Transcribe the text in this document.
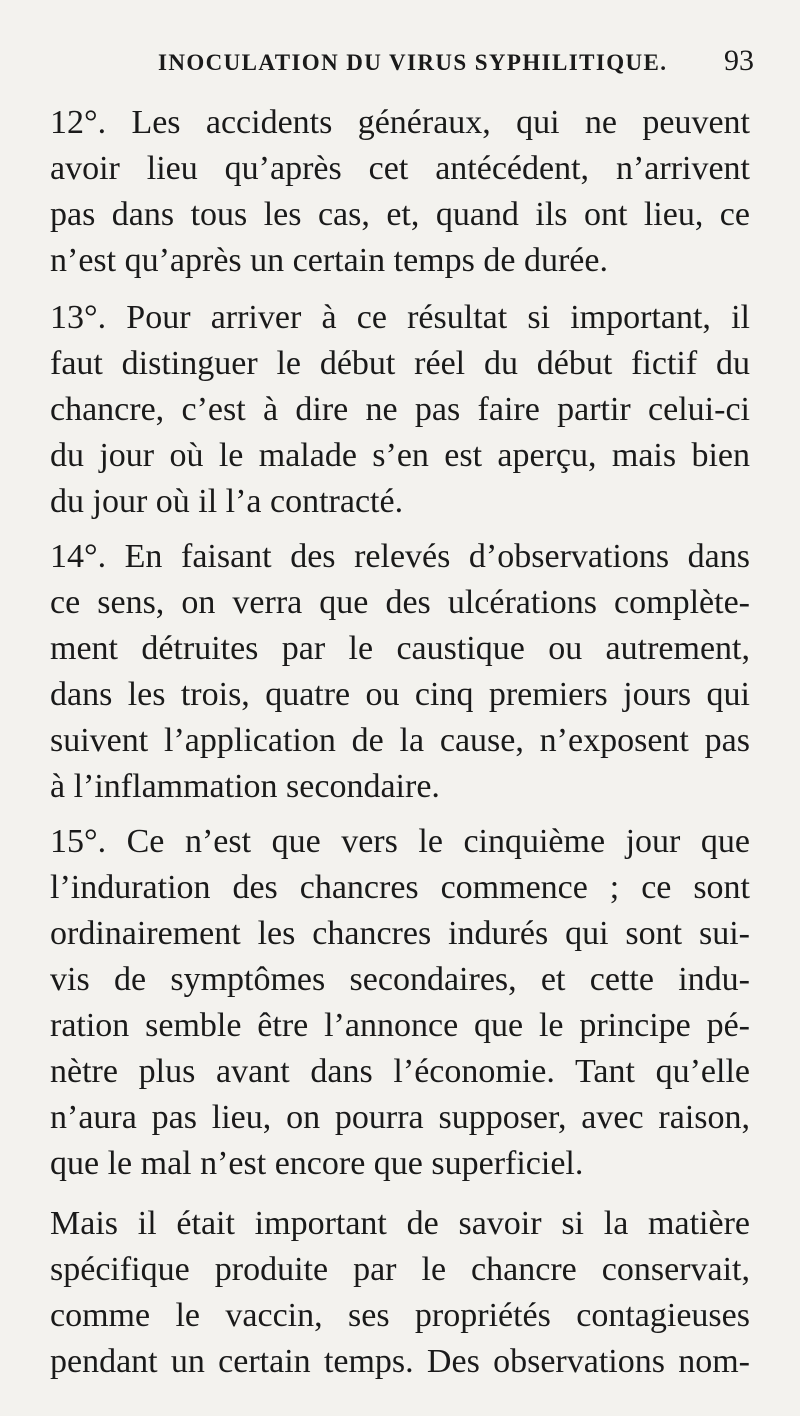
INOCULATION DU VIRUS SYPHILITIQUE. 93

12°. Les accidents généraux, qui ne peuvent
avoir lieu qu’après cet antécédent, n’arrivent
pas dans tous les cas, et, quand ils ont lieu, ce
n’est qu’après un certain temps de durée.

13°. Pour arriver à ce résultat si important, il
faut distinguer le début réel du début fictif du
chancre, c’est à dire ne pas faire partir celui-ci
du jour où le malade s’en est aperçu, mais bien
du jour où il l’a contracté.

14°. En faisant des relevés d’observations dans
ce sens, on verra que des ulcérations complète-
ment détruites par le caustique ou autrement,
dans les trois, quatre ou cinq premiers jours qui
suivent l’application de la cause, n’exposent pas
à l’inflammation secondaire.

15°. Ce n’est que vers le cinquième jour que
l’induration des chancres commence ; ce sont
ordinairement les chancres indurés qui sont sui-
vis de symptômes secondaires, et cette indu-
ration semble être l’annonce que le principe pé-
nètre plus avant dans l’économie. Tant qu’elle
n’aura pas lieu, on pourra supposer, avec raison,
que le mal n’est encore que superficiel.

Mais il était important de savoir si la matière
spécifique produite par le chancre conservait,
comme le vaccin, ses propriétés contagieuses
pendant un certain temps. Des observations nom-
